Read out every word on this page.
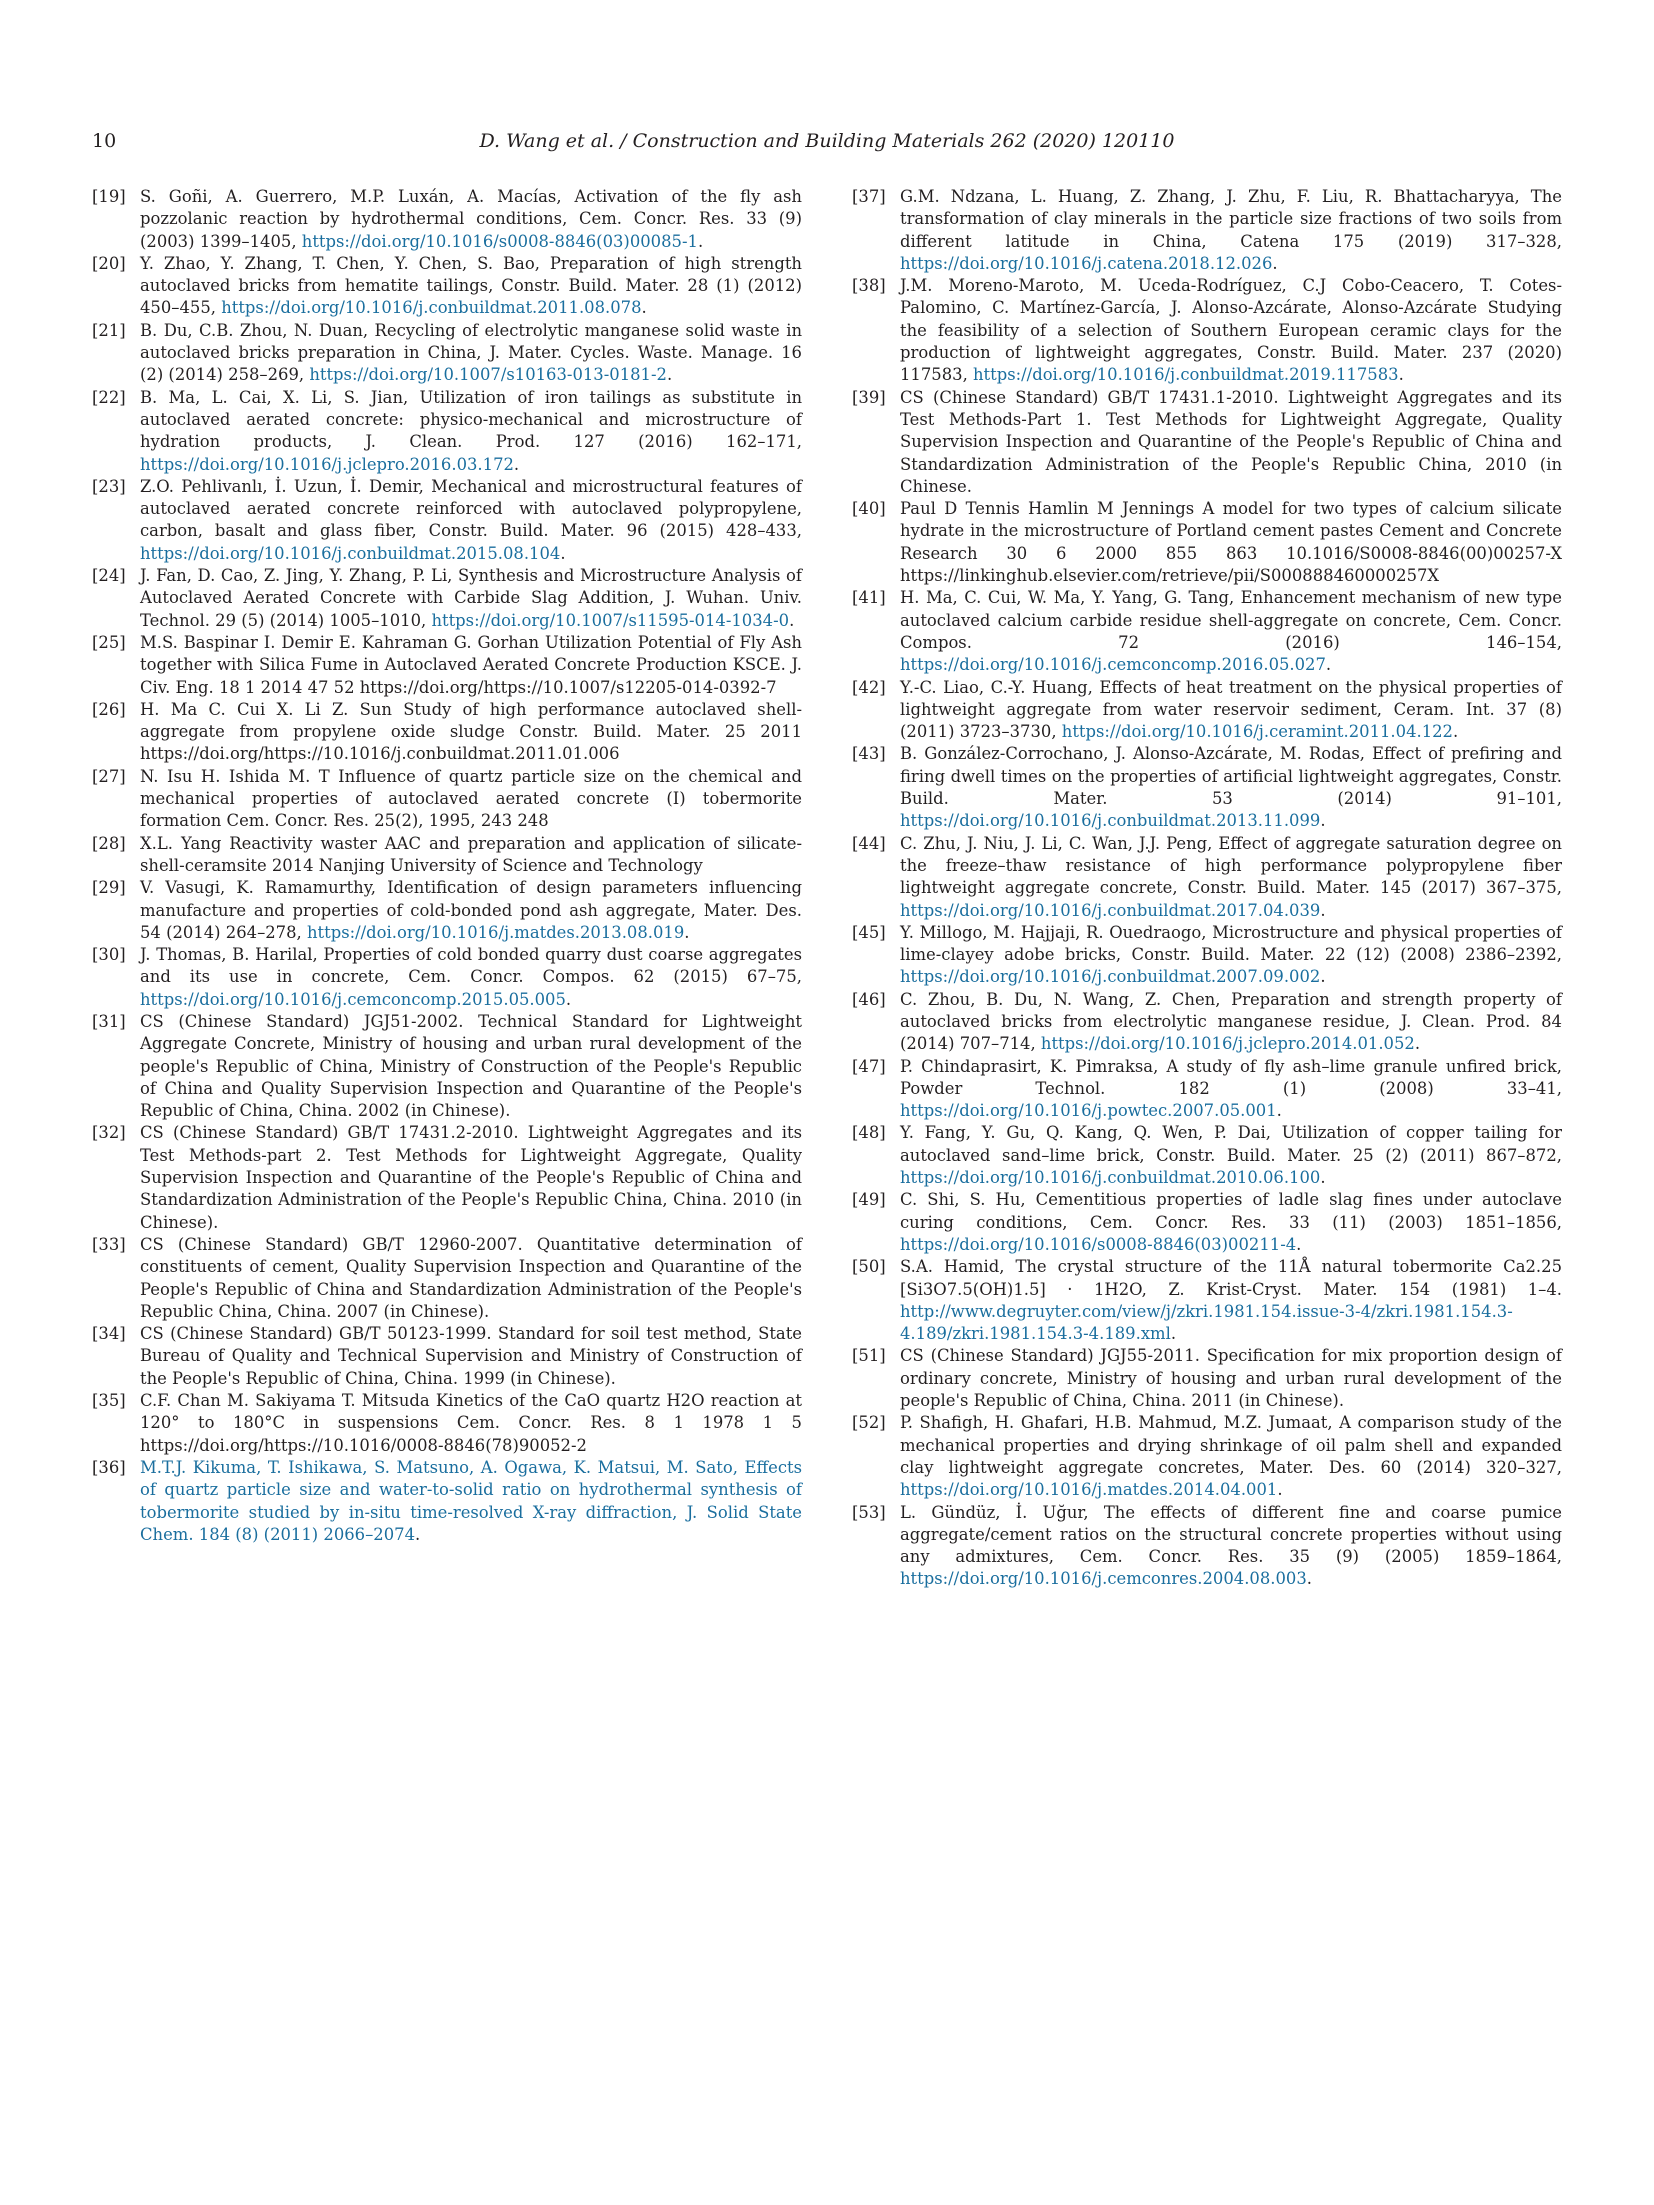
10	D. Wang et al. / Construction and Building Materials 262 (2020) 120110
[19] S. Goñi, A. Guerrero, M.P. Luxán, A. Macías, Activation of the fly ash pozzolanic reaction by hydrothermal conditions, Cem. Concr. Res. 33 (9) (2003) 1399–1405, https://doi.org/10.1016/s0008-8846(03)00085-1.
[20] Y. Zhao, Y. Zhang, T. Chen, Y. Chen, S. Bao, Preparation of high strength autoclaved bricks from hematite tailings, Constr. Build. Mater. 28 (1) (2012) 450–455, https://doi.org/10.1016/j.conbuildmat.2011.08.078.
[21] B. Du, C.B. Zhou, N. Duan, Recycling of electrolytic manganese solid waste in autoclaved bricks preparation in China, J. Mater. Cycles. Waste. Manage. 16 (2) (2014) 258–269, https://doi.org/10.1007/s10163-013-0181-2.
[22] B. Ma, L. Cai, X. Li, S. Jian, Utilization of iron tailings as substitute in autoclaved aerated concrete: physico-mechanical and microstructure of hydration products, J. Clean. Prod. 127 (2016) 162–171, https://doi.org/10.1016/j.jclepro.2016.03.172.
[23] Z.O. Pehlivanlı, İ. Uzun, İ. Demir, Mechanical and microstructural features of autoclaved aerated concrete reinforced with autoclaved polypropylene, carbon, basalt and glass fiber, Constr. Build. Mater. 96 (2015) 428–433, https://doi.org/10.1016/j.conbuildmat.2015.08.104.
[24] J. Fan, D. Cao, Z. Jing, Y. Zhang, P. Li, Synthesis and Microstructure Analysis of Autoclaved Aerated Concrete with Carbide Slag Addition, J. Wuhan. Univ. Technol. 29 (5) (2014) 1005–1010, https://doi.org/10.1007/s11595-014-1034-0.
[25] M.S. Baspinar I. Demir E. Kahraman G. Gorhan Utilization Potential of Fly Ash together with Silica Fume in Autoclaved Aerated Concrete Production KSCE. J. Civ. Eng. 18 1 2014 47 52 https://doi.org/https://10.1007/s12205-014-0392-7
[26] H. Ma C. Cui X. Li Z. Sun Study of high performance autoclaved shell-aggregate from propylene oxide sludge Constr. Build. Mater. 25 2011 https://doi.org/https://10.1016/j.conbuildmat.2011.01.006
[27] N. Isu H. Ishida M. T Influence of quartz particle size on the chemical and mechanical properties of autoclaved aerated concrete (I) tobermorite formation Cem. Concr. Res. 25(2), 1995, 243 248
[28] X.L. Yang Reactivity waster AAC and preparation and application of silicate-shell-ceramsite 2014 Nanjing University of Science and Technology
[29] V. Vasugi, K. Ramamurthy, Identification of design parameters influencing manufacture and properties of cold-bonded pond ash aggregate, Mater. Des. 54 (2014) 264–278, https://doi.org/10.1016/j.matdes.2013.08.019.
[30] J. Thomas, B. Harilal, Properties of cold bonded quarry dust coarse aggregates and its use in concrete, Cem. Concr. Compos. 62 (2015) 67–75, https://doi.org/10.1016/j.cemconcomp.2015.05.005.
[31] CS (Chinese Standard) JGJ51-2002. Technical Standard for Lightweight Aggregate Concrete, Ministry of housing and urban rural development of the people's Republic of China, Ministry of Construction of the People's Republic of China and Quality Supervision Inspection and Quarantine of the People's Republic of China, China. 2002 (in Chinese).
[32] CS (Chinese Standard) GB/T 17431.2-2010. Lightweight Aggregates and its Test Methods-part 2. Test Methods for Lightweight Aggregate, Quality Supervision Inspection and Quarantine of the People's Republic of China and Standardization Administration of the People's Republic China, China. 2010 (in Chinese).
[33] CS (Chinese Standard) GB/T 12960-2007. Quantitative determination of constituents of cement, Quality Supervision Inspection and Quarantine of the People's Republic of China and Standardization Administration of the People's Republic China, China. 2007 (in Chinese).
[34] CS (Chinese Standard) GB/T 50123-1999. Standard for soil test method, State Bureau of Quality and Technical Supervision and Ministry of Construction of the People's Republic of China, China. 1999 (in Chinese).
[35] C.F. Chan M. Sakiyama T. Mitsuda Kinetics of the CaO quartz H2O reaction at 120° to 180°C in suspensions Cem. Concr. Res. 8 1 1978 1 5 https://doi.org/https://10.1016/0008-8846(78)90052-2
[36] M.T.J. Kikuma, T. Ishikawa, S. Matsuno, A. Ogawa, K. Matsui, M. Sato, Effects of quartz particle size and water-to-solid ratio on hydrothermal synthesis of tobermorite studied by in-situ time-resolved X-ray diffraction, J. Solid State Chem. 184 (8) (2011) 2066–2074.
[37] G.M. Ndzana, L. Huang, Z. Zhang, J. Zhu, F. Liu, R. Bhattacharyya, The transformation of clay minerals in the particle size fractions of two soils from different latitude in China, Catena 175 (2019) 317–328, https://doi.org/10.1016/j.catena.2018.12.026.
[38] J.M. Moreno-Maroto, M. Uceda-Rodríguez, C.J Cobo-Ceacero, T. Cotes-Palomino, C. Martínez-García, J. Alonso-Azcárate, Alonso-Azcárate Studying the feasibility of a selection of Southern European ceramic clays for the production of lightweight aggregates, Constr. Build. Mater. 237 (2020) 117583, https://doi.org/10.1016/j.conbuildmat.2019.117583.
[39] CS (Chinese Standard) GB/T 17431.1-2010. Lightweight Aggregates and its Test Methods-Part 1. Test Methods for Lightweight Aggregate, Quality Supervision Inspection and Quarantine of the People's Republic of China and Standardization Administration of the People's Republic China, 2010 (in Chinese.
[40] Paul D Tennis Hamlin M Jennings A model for two types of calcium silicate hydrate in the microstructure of Portland cement pastes Cement and Concrete Research 30 6 2000 855 863 10.1016/S0008-8846(00)00257-X https://linkinghub.elsevier.com/retrieve/pii/S000888460000257X
[41] H. Ma, C. Cui, W. Ma, Y. Yang, G. Tang, Enhancement mechanism of new type autoclaved calcium carbide residue shell-aggregate on concrete, Cem. Concr. Compos. 72 (2016) 146–154, https://doi.org/10.1016/j.cemconcomp.2016.05.027.
[42] Y.-C. Liao, C.-Y. Huang, Effects of heat treatment on the physical properties of lightweight aggregate from water reservoir sediment, Ceram. Int. 37 (8) (2011) 3723–3730, https://doi.org/10.1016/j.ceramint.2011.04.122.
[43] B. González-Corrochano, J. Alonso-Azcárate, M. Rodas, Effect of prefiring and firing dwell times on the properties of artificial lightweight aggregates, Constr. Build. Mater. 53 (2014) 91–101, https://doi.org/10.1016/j.conbuildmat.2013.11.099.
[44] C. Zhu, J. Niu, J. Li, C. Wan, J.J. Peng, Effect of aggregate saturation degree on the freeze–thaw resistance of high performance polypropylene fiber lightweight aggregate concrete, Constr. Build. Mater. 145 (2017) 367–375, https://doi.org/10.1016/j.conbuildmat.2017.04.039.
[45] Y. Millogo, M. Hajjaji, R. Ouedraogo, Microstructure and physical properties of lime-clayey adobe bricks, Constr. Build. Mater. 22 (12) (2008) 2386–2392, https://doi.org/10.1016/j.conbuildmat.2007.09.002.
[46] C. Zhou, B. Du, N. Wang, Z. Chen, Preparation and strength property of autoclaved bricks from electrolytic manganese residue, J. Clean. Prod. 84 (2014) 707–714, https://doi.org/10.1016/j.jclepro.2014.01.052.
[47] P. Chindaprasirt, K. Pimraksa, A study of fly ash–lime granule unfired brick, Powder Technol. 182 (1) (2008) 33–41, https://doi.org/10.1016/j.powtec.2007.05.001.
[48] Y. Fang, Y. Gu, Q. Kang, Q. Wen, P. Dai, Utilization of copper tailing for autoclaved sand–lime brick, Constr. Build. Mater. 25 (2) (2011) 867–872, https://doi.org/10.1016/j.conbuildmat.2010.06.100.
[49] C. Shi, S. Hu, Cementitious properties of ladle slag fines under autoclave curing conditions, Cem. Concr. Res. 33 (11) (2003) 1851–1856, https://doi.org/10.1016/s0008-8846(03)00211-4.
[50] S.A. Hamid, The crystal structure of the 11Å natural tobermorite Ca2.25 [Si3O7.5(OH)1.5] · 1H2O, Z. Krist-Cryst. Mater. 154 (1981) 1–4. http://www.degruyter.com/view/j/zkri.1981.154.issue-3-4/zkri.1981.154.3-4.189/zkri.1981.154.3-4.189.xml.
[51] CS (Chinese Standard) JGJ55-2011. Specification for mix proportion design of ordinary concrete, Ministry of housing and urban rural development of the people's Republic of China, China. 2011 (in Chinese).
[52] P. Shafigh, H. Ghafari, H.B. Mahmud, M.Z. Jumaat, A comparison study of the mechanical properties and drying shrinkage of oil palm shell and expanded clay lightweight aggregate concretes, Mater. Des. 60 (2014) 320–327, https://doi.org/10.1016/j.matdes.2014.04.001.
[53] L. Gündüz, İ. Uğur, The effects of different fine and coarse pumice aggregate/cement ratios on the structural concrete properties without using any admixtures, Cem. Concr. Res. 35 (9) (2005) 1859–1864, https://doi.org/10.1016/j.cemconres.2004.08.003.
